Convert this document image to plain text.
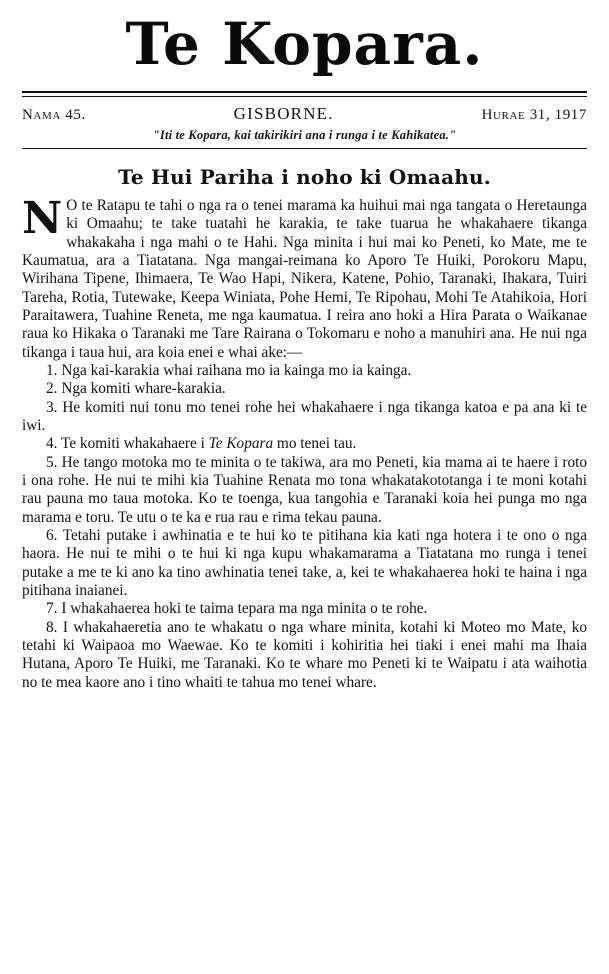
Te Kopara.
Nama 45.	GISBORNE.	Hurae 31, 1917
"Iti te Kopara, kai takirikiri ana i runga i te Kahikatea."
Te Hui Pariha i noho ki Omaahu.

N O te Ratapu te tahi o nga ra o tenei marama ka huihui mai nga tangata o Heretaunga ki Omaahu; te take tuatahi he karakia, te take tuarua he whakahaere tikanga whakakaha i nga mahi o te Hahi. Nga minita i hui mai ko Peneti, ko Mate, me te Kaumatua, ara a Tiatatana. Nga mangai-reimana ko Aporo Te Huiki, Porokoru Mapu, Wirihana Tipene, Ihimaera, Te Wao Hapi, Nikera, Katene, Pohio, Taranaki, Ihakara, Tuiri Tareha, Rotia, Tutewake, Keepa Winiata, Pohe Hemi, Te Ripohau, Mohi Te Atahikoia, Hori Paraitawera, Tuahine Reneta, me nga kaumatua. I reira ano hoki a Hira Parata o Waikanae raua ko Hikaka o Taranaki me Tare Rairana o Tokomaru e noho a manuhiri ana. He nui nga tikanga i taua hui, ara koia enei e whai ake:—

1. Nga kai-karakia whai raihana mo ia kainga mo ia kainga.

2. Nga komiti whare-karakia.

3. He komiti nui tonu mo tenei rohe hei whakahaere i nga tikanga katoa e pa ana ki te iwi.

4. Te komiti whakahaere i Te Kopara mo tenei tau.

5. He tango motoka mo te minita o te takiwa, ara mo Peneti, kia mama ai te haere i roto i ona rohe. He nui te mihi kia Tuahine Renata mo tona whakatakototanga i te moni kotahi rau pauna mo taua motoka. Ko te toenga, kua tangohia e Taranaki koia hei punga mo nga marama e toru. Te utu o te ka e rua rau e rima tekau pauna.

6. Tetahi putake i awhinatia e te hui ko te pitihana kia kati nga hotera i te ono o nga haora. He nui te mihi o te hui ki nga kupu whakamarama a Tiatatana mo runga i tenei putake a me te ki ano ka tino awhinatia tenei take, a, kei te whakahaerea hoki te haina i nga pitihana inaianei.

7. I whakahaerea hoki te taima tepara ma nga minita o te rohe.

8. I whakahaeretia ano te whakatu o nga whare minita, kotahi ki Moteo mo Mate, ko tetahi ki Waipaoa mo Waewae. Ko te komiti i kohiritia hei tiaki i enei mahi ma Ihaia Hutana, Aporo Te Huiki, me Taranaki. Ko te whare mo Peneti ki te Waipatu i ata waihotia no te mea kaore ano i tino whaiti te tahua mo tenei whare.
